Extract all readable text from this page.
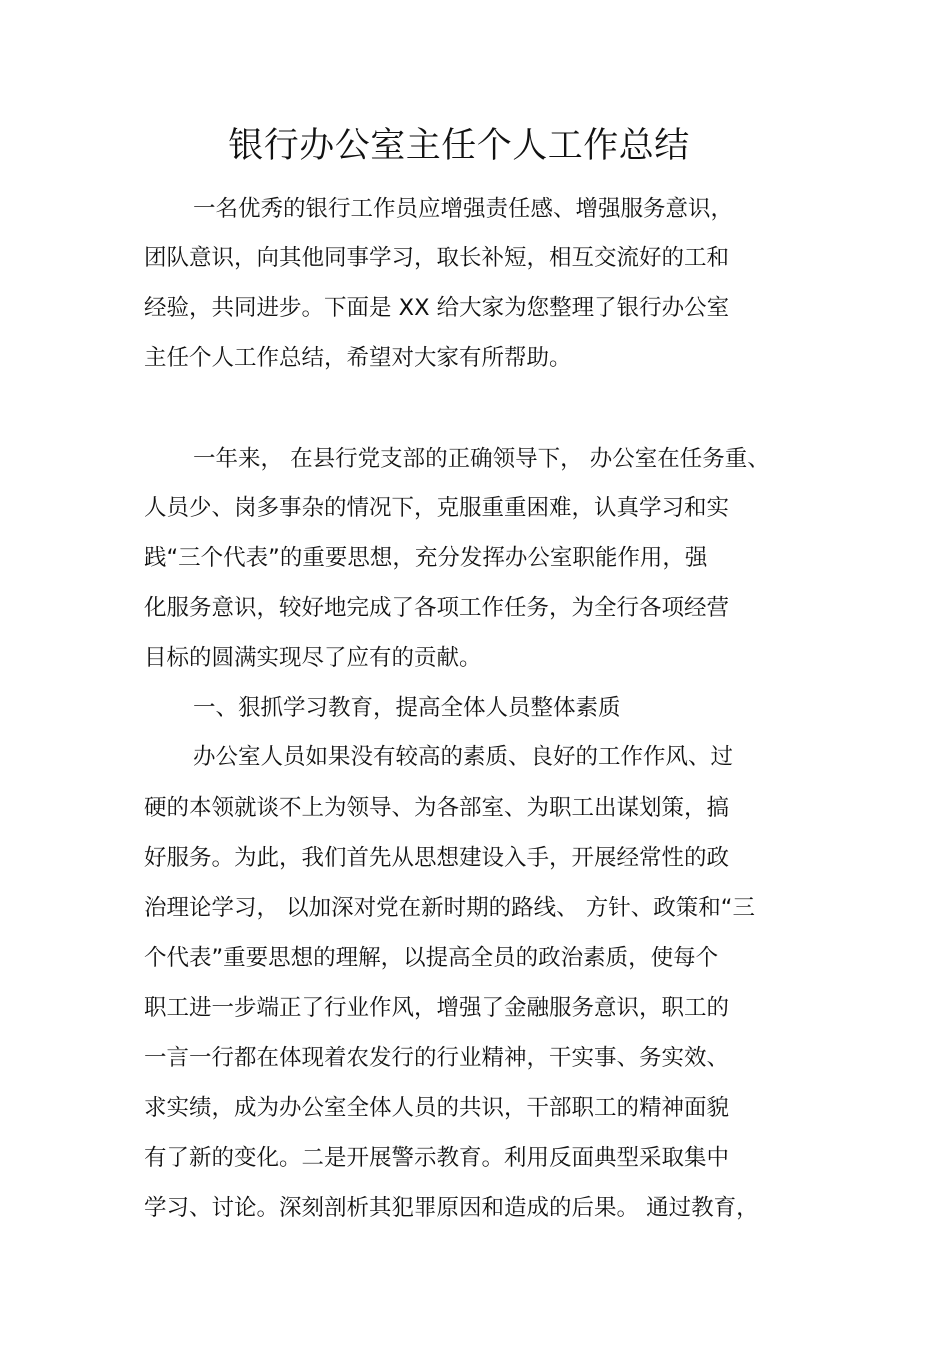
银行办公室主任个人工作总结
一名优秀的银行工作员应增强责任感、增强服务意识，
团队意识，向其他同事学习，取长补短，相互交流好的工和
经验，共同进步。下面是 XX 给大家为您整理了银行办公室
主任个人工作总结，希望对大家有所帮助。
一年来， 在县行党支部的正确领导下， 办公室在任务重、
人员少、岗多事杂的情况下，克服重重困难，认真学习和实
践“三个代表”的重要思想，充分发挥办公室职能作用，强
化服务意识，较好地完成了各项工作任务，为全行各项经营
目标的圆满实现尽了应有的贡献。
一、狠抓学习教育，提高全体人员整体素质
办公室人员如果没有较高的素质、良好的工作作风、过
硬的本领就谈不上为领导、为各部室、为职工出谋划策，搞
好服务。为此，我们首先从思想建设入手，开展经常性的政
治理论学习， 以加深对党在新时期的路线、 方针、政策和“三
个代表”重要思想的理解，以提高全员的政治素质，使每个
职工进一步端正了行业作风，增强了金融服务意识，职工的
一言一行都在体现着农发行的行业精神，干实事、务实效、
求实绩，成为办公室全体人员的共识，干部职工的精神面貌
有了新的变化。二是开展警示教育。利用反面典型采取集中
学习、讨论。深刻剖析其犯罪原因和造成的后果。 通过教育，
